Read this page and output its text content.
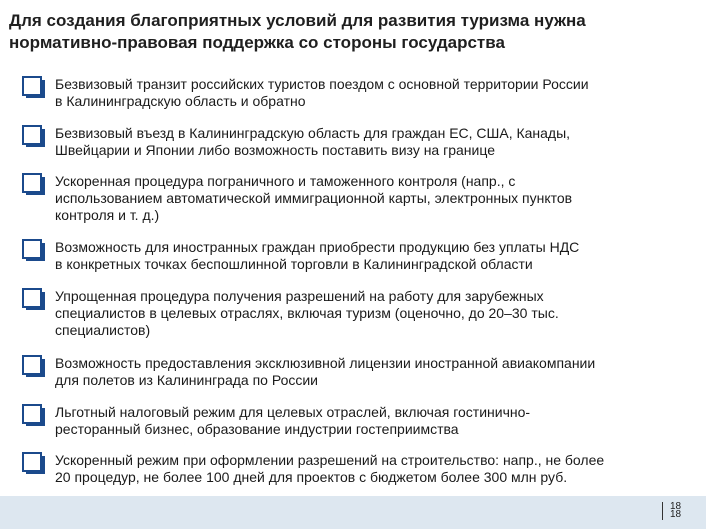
Для создания благоприятных условий для развития туризма нужна
нормативно-правовая поддержка со стороны государства
Безвизовый транзит российских туристов поездом с основной территории России
в Калининградскую область и обратно
Безвизовый въезд в Калининградскую область для граждан ЕС, США, Канады,
Швейцарии и Японии либо возможность поставить визу на границе
Ускоренная процедура пограничного и таможенного контроля (напр., с
использованием автоматической иммиграционной карты, электронных пунктов
контроля и т. д.)
Возможность для иностранных граждан приобрести продукцию без уплаты НДС
в конкретных точках беспошлинной торговли в Калининградской области
Упрощенная процедура получения разрешений на работу для зарубежных
специалистов в целевых отраслях, включая туризм (оценочно, до 20–30 тыс.
специалистов)
Возможность предоставления эксклюзивной лицензии иностранной авиакомпании
для полетов из Калининграда по России
Льготный налоговый режим для целевых отраслей, включая гостинично-
ресторанный бизнес, образование индустрии гостеприимства
Ускоренный режим при оформлении разрешений на строительство: напр., не более
20 процедур, не более 100 дней для проектов с бюджетом более 300 млн руб.
18
18
